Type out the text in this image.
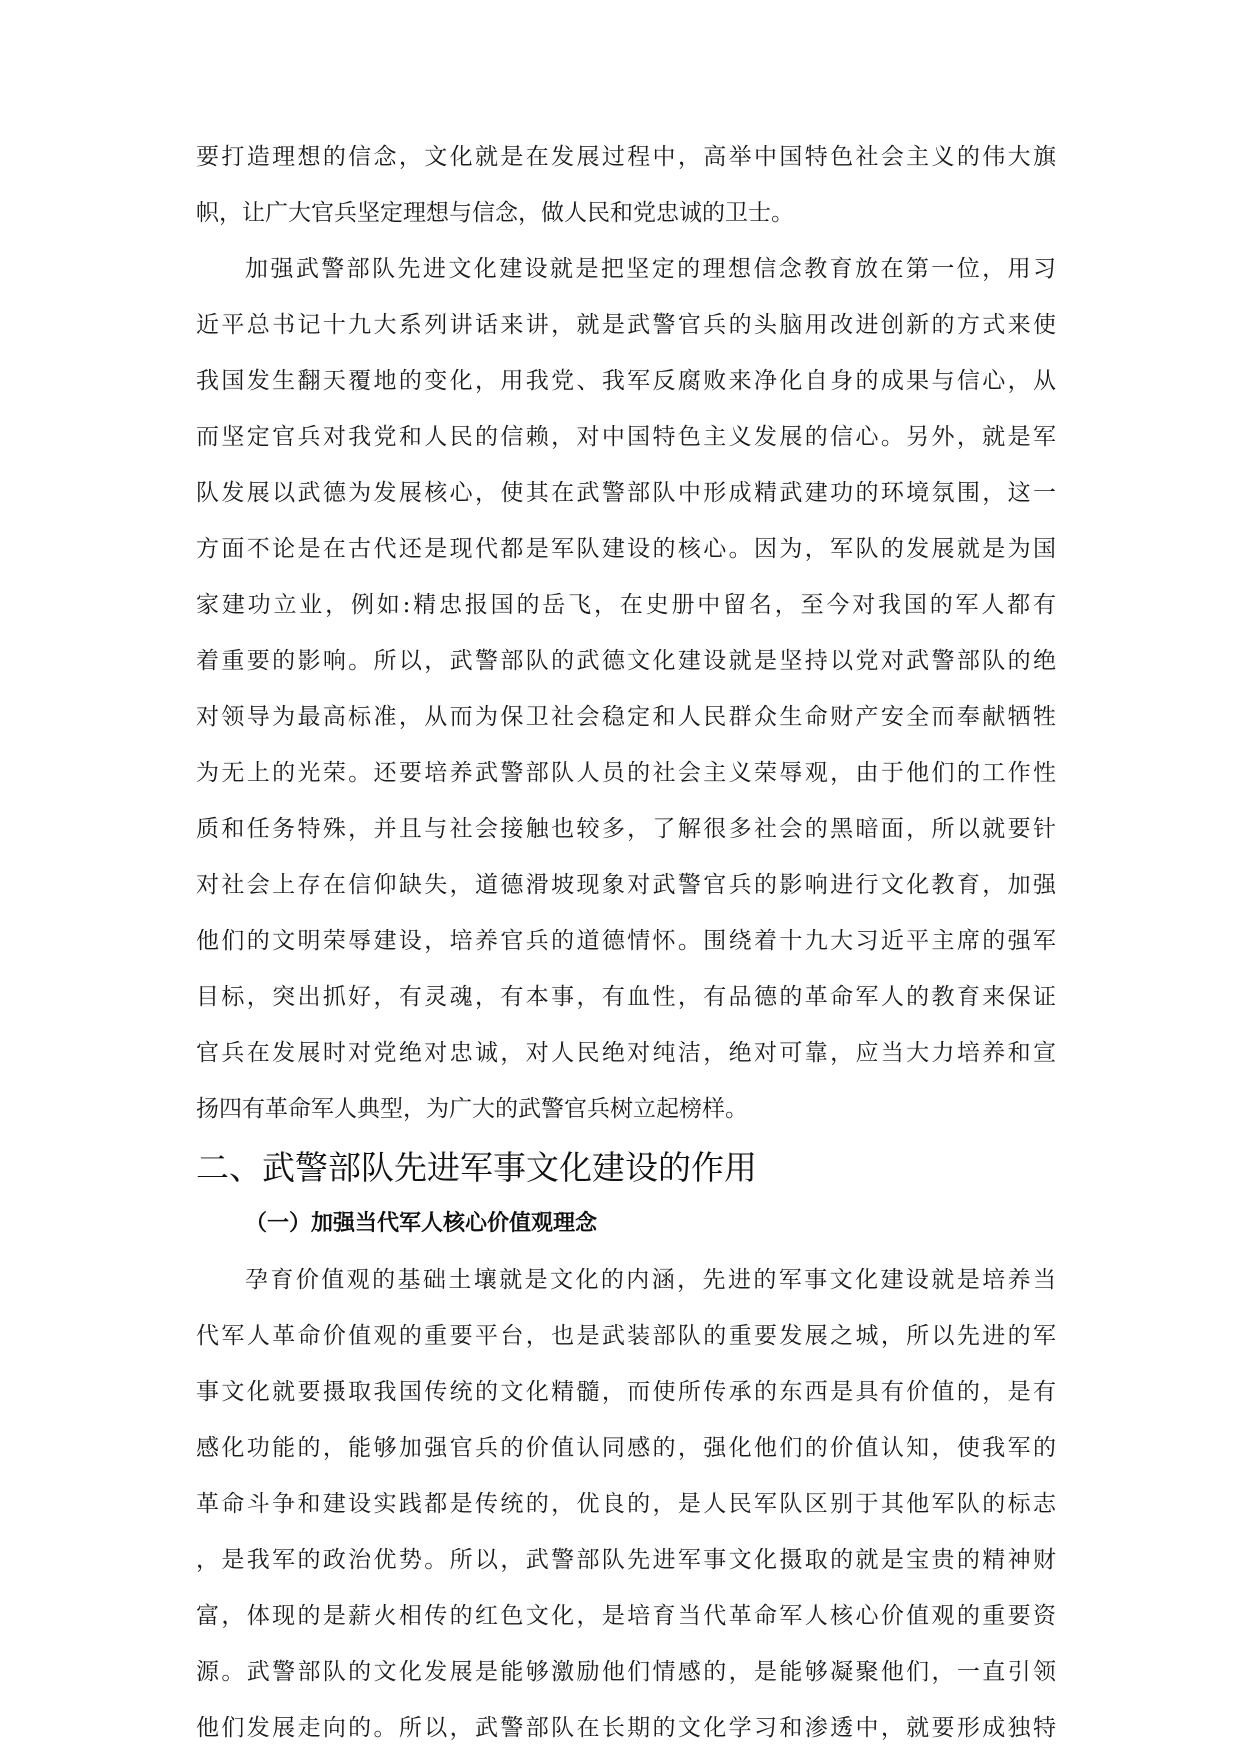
要打造理想的信念，文化就是在发展过程中，高举中国特色社会主义的伟大旗
帜，让广大官兵坚定理想与信念，做人民和党忠诚的卫士。
加强武警部队先进文化建设就是把坚定的理想信念教育放在第一位，用习
近平总书记十九大系列讲话来讲，就是武警官兵的头脑用改进创新的方式来使
我国发生翻天覆地的变化，用我党、我军反腐败来净化自身的成果与信心，从
而坚定官兵对我党和人民的信赖，对中国特色主义发展的信心。另外，就是军
队发展以武德为发展核心，使其在武警部队中形成精武建功的环境氛围，这一
方面不论是在古代还是现代都是军队建设的核心。因为，军队的发展就是为国
家建功立业，例如:精忠报国的岳飞，在史册中留名，至今对我国的军人都有
着重要的影响。所以，武警部队的武德文化建设就是坚持以党对武警部队的绝
对领导为最高标准，从而为保卫社会稳定和人民群众生命财产安全而奉献牺牲
为无上的光荣。还要培养武警部队人员的社会主义荣辱观，由于他们的工作性
质和任务特殊，并且与社会接触也较多，了解很多社会的黑暗面，所以就要针
对社会上存在信仰缺失，道德滑坡现象对武警官兵的影响进行文化教育，加强
他们的文明荣辱建设，培养官兵的道德情怀。围绕着十九大习近平主席的强军
目标，突出抓好，有灵魂，有本事，有血性，有品德的革命军人的教育来保证
官兵在发展时对党绝对忠诚，对人民绝对纯洁，绝对可靠，应当大力培养和宣
扬四有革命军人典型，为广大的武警官兵树立起榜样。
二、武警部队先进军事文化建设的作用
（一）加强当代军人核心价值观理念
孕育价值观的基础土壤就是文化的内涵，先进的军事文化建设就是培养当
代军人革命价值观的重要平台，也是武装部队的重要发展之城，所以先进的军
事文化就要摄取我国传统的文化精髓，而使所传承的东西是具有价值的，是有
感化功能的，能够加强官兵的价值认同感的，强化他们的价值认知，使我军的
革命斗争和建设实践都是传统的，优良的，是人民军队区别于其他军队的标志
，是我军的政治优势。所以，武警部队先进军事文化摄取的就是宝贵的精神财
富，体现的是薪火相传的红色文化，是培育当代革命军人核心价值观的重要资
源。武警部队的文化发展是能够激励他们情感的，是能够凝聚他们，一直引领
他们发展走向的。所以，武警部队在长期的文化学习和渗透中，就要形成独特
